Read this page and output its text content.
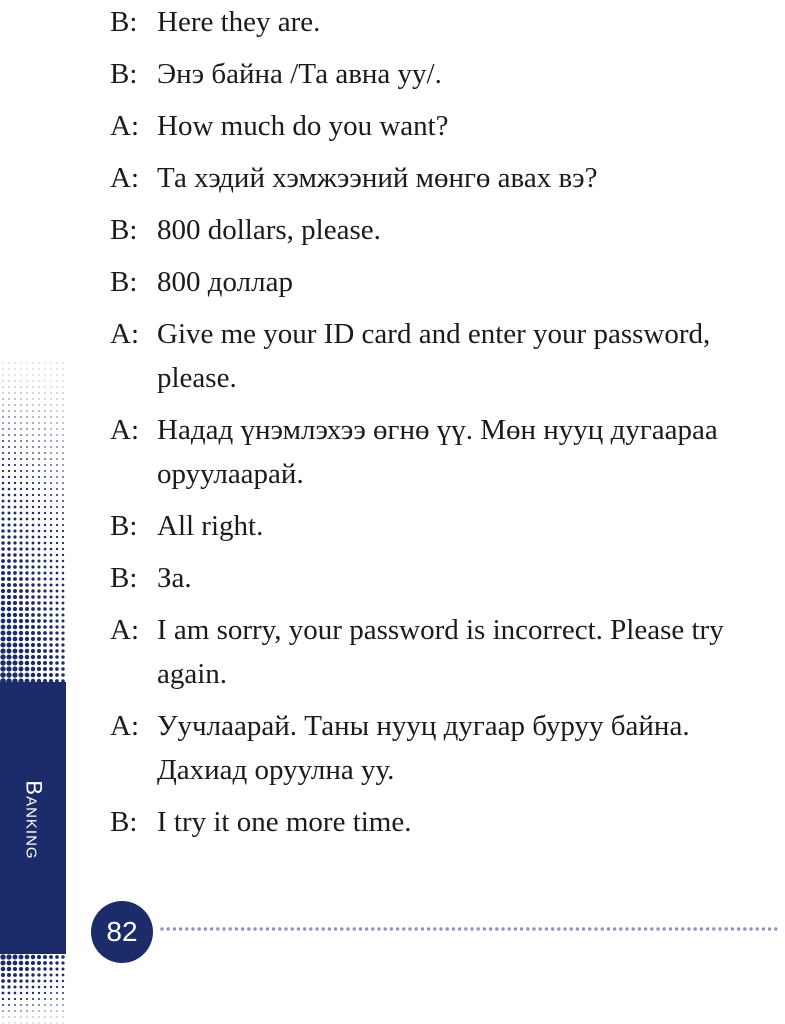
Banking
B: Here they are.
B: Энэ байна /Та авна уу/.
A: How much do you want?
A: Та хэдий хэмжээний мөнгө авах вэ?
B: 800 dollars, please.
B: 800 доллар
A: Give me your ID card and enter your password, please.
A: Надад үнэмлэхээ өгнө үү. Мөн нууц дугаараа оруулаарай.
B: All right.
B: За.
A: I am sorry, your password is incorrect. Please try again.
A: Уучлаарай. Таны нууц дугаар буруу байна. Дахиад оруулна уу.
B: I try it one more time.
82
